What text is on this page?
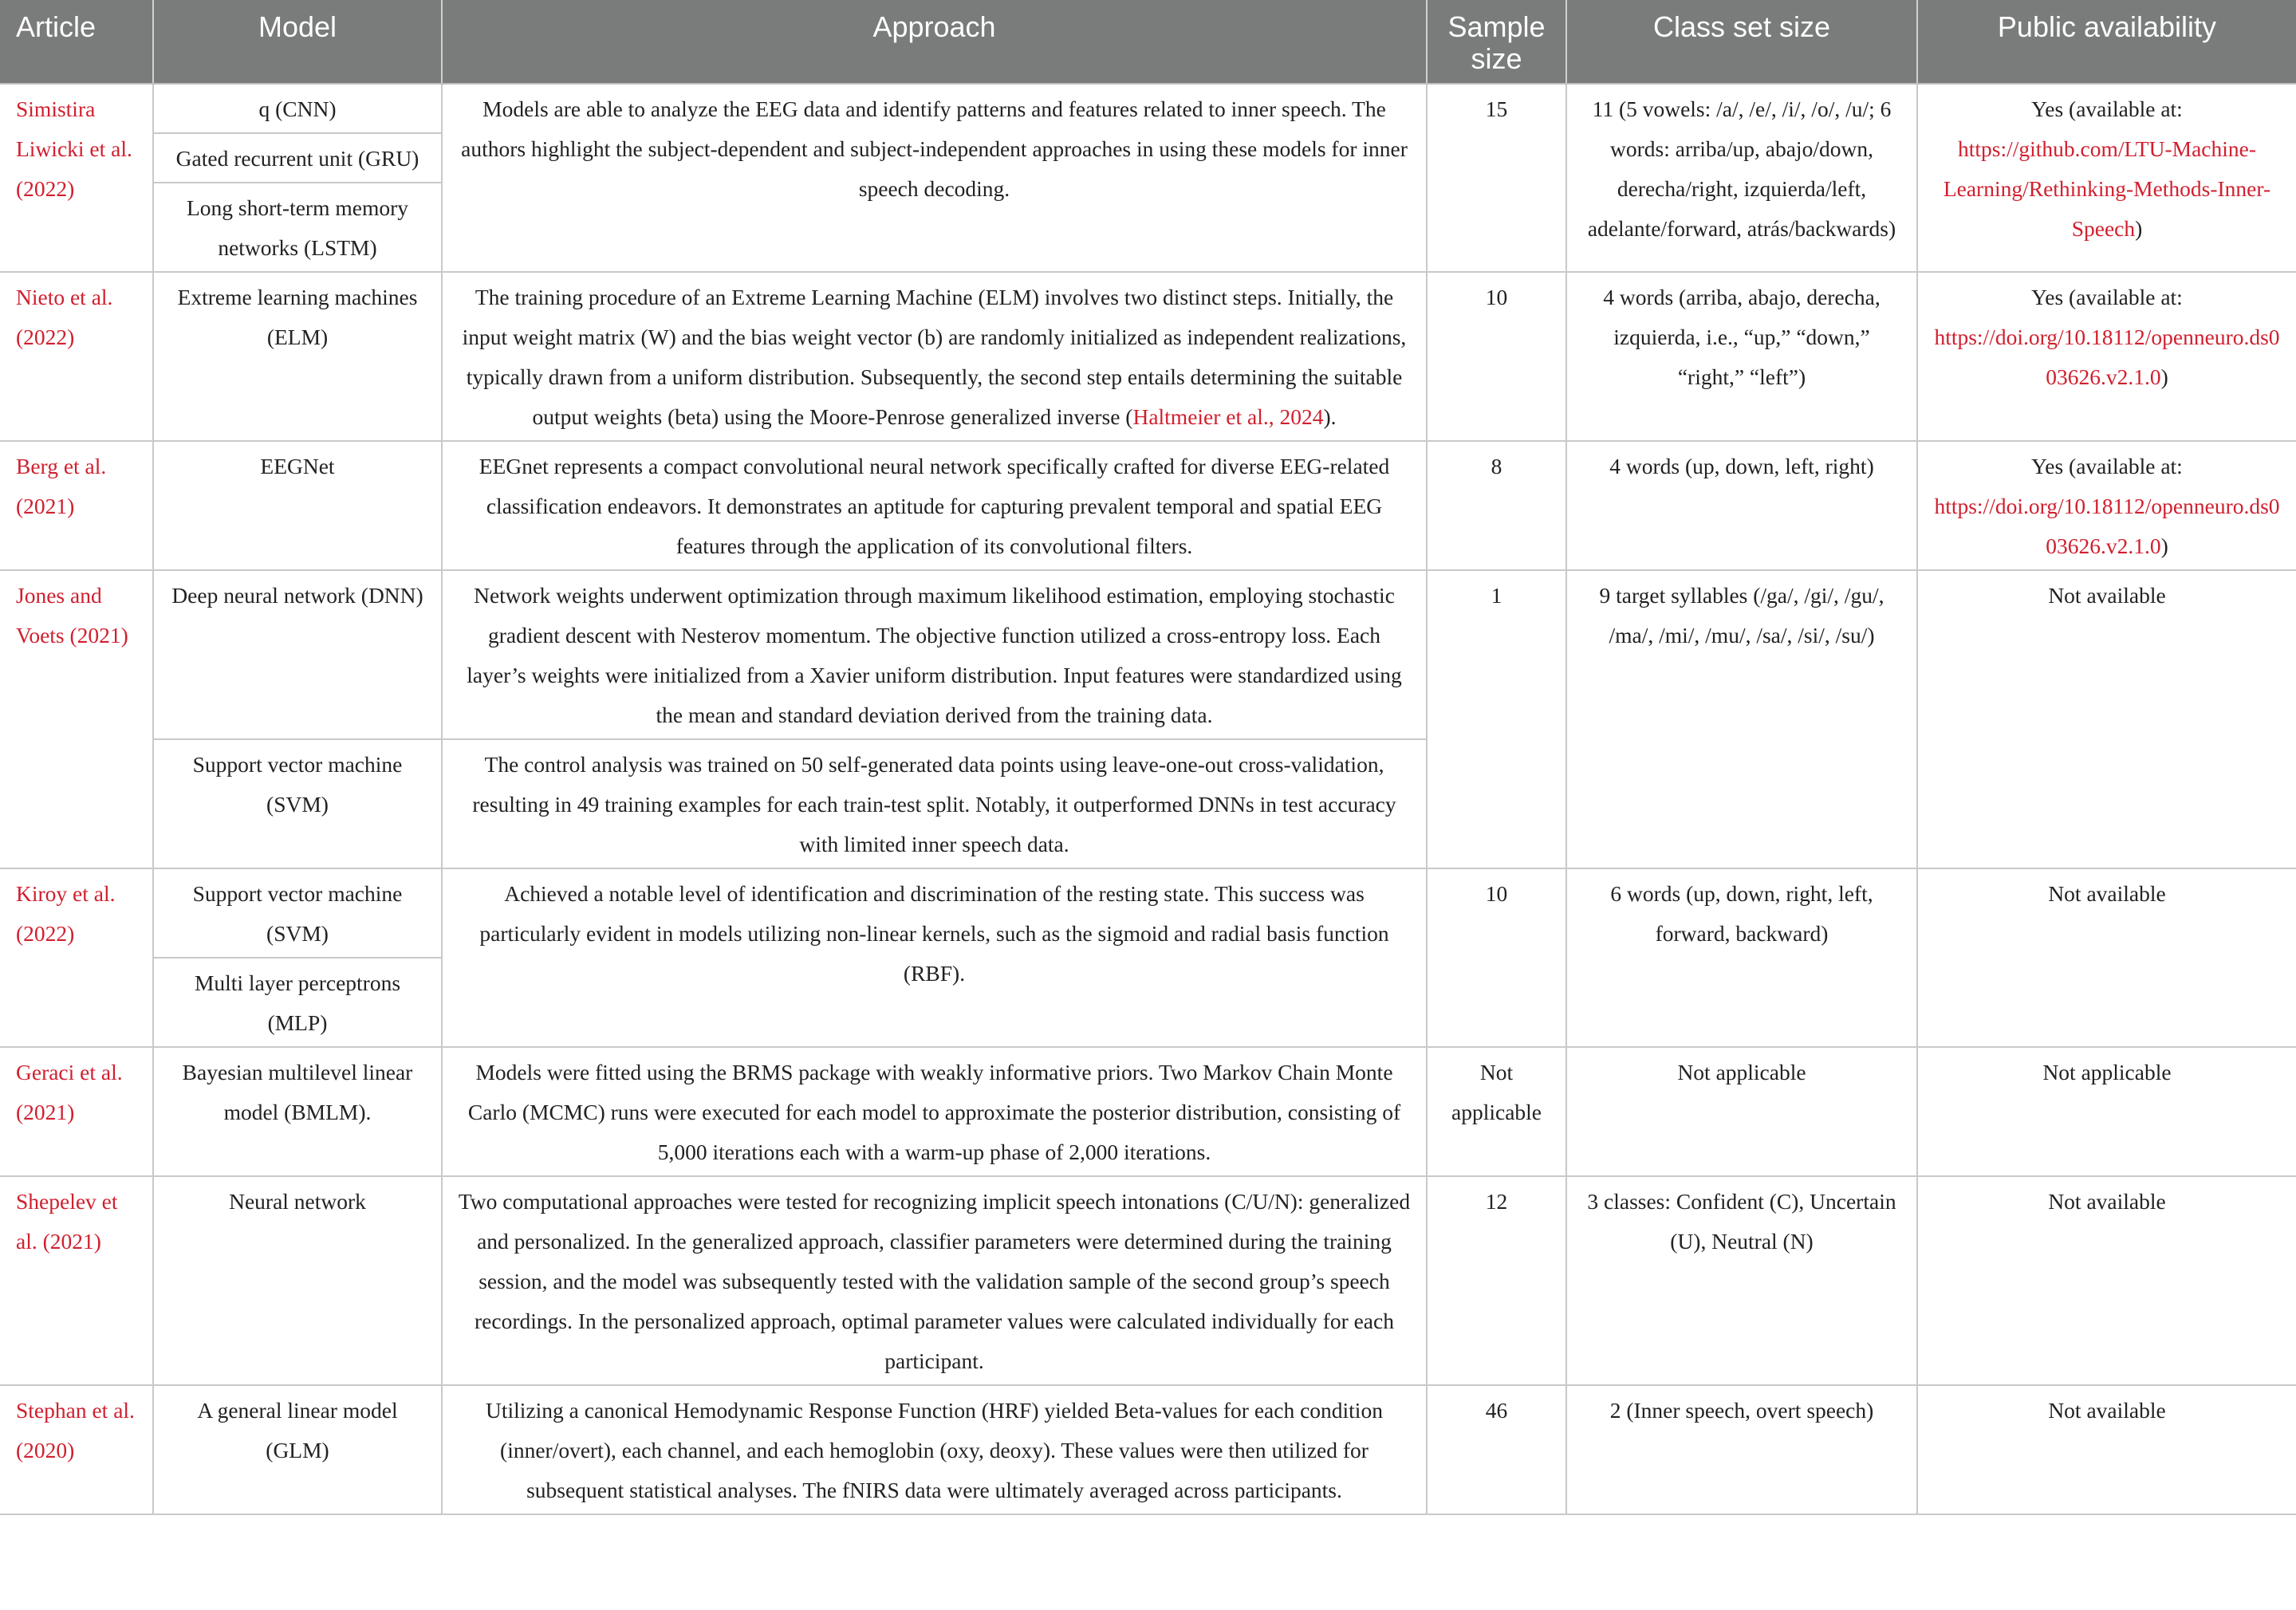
Article	Model	Approach	Sample size	Class set size	Public availability
Simistira Liwicki et al. (2022)	q (CNN)	Models are able to analyze the EEG data and identify patterns and features related to inner speech. The authors highlight the subject-dependent and subject-independent approaches in using these models for inner speech decoding.	15	11 (5 vowels: /a/, /e/, /i/, /o/, /u/; 6 words: arriba/up, abajo/down, derecha/right, izquierda/left, adelante/forward, atrás/backwards)	Yes (available at: https://github.com/LTU-Machine-Learning/Rethinking-Methods-Inner-Speech)
	Gated recurrent unit (GRU)				
	Long short-term memory networks (LSTM)				
Nieto et al. (2022)	Extreme learning machines (ELM)	The training procedure of an Extreme Learning Machine (ELM) involves two distinct steps. Initially, the input weight matrix (W) and the bias weight vector (b) are randomly initialized as independent realizations, typically drawn from a uniform distribution. Subsequently, the second step entails determining the suitable output weights (beta) using the Moore-Penrose generalized inverse (Haltmeier et al., 2024).	10	4 words (arriba, abajo, derecha, izquierda, i.e., “up,” “down,” “right,” “left”)	Yes (available at: https://doi.org/10.18112/openneuro.ds003626.v2.1.0)
Berg et al. (2021)	EEGNet	EEGnet represents a compact convolutional neural network specifically crafted for diverse EEG-related classification endeavors. It demonstrates an aptitude for capturing prevalent temporal and spatial EEG features through the application of its convolutional filters.	8	4 words (up, down, left, right)	Yes (available at: https://doi.org/10.18112/openneuro.ds003626.v2.1.0)
Jones and Voets (2021)	Deep neural network (DNN)	Network weights underwent optimization through maximum likelihood estimation, employing stochastic gradient descent with Nesterov momentum. The objective function utilized a cross-entropy loss. Each layer’s weights were initialized from a Xavier uniform distribution. Input features were standardized using the mean and standard deviation derived from the training data.	1	9 target syllables (/ga/, /gi/, /gu/, /ma/, /mi/, /mu/, /sa/, /si/, /su/)	Not available
	Support vector machine (SVM)	The control analysis was trained on 50 self-generated data points using leave-one-out cross-validation, resulting in 49 training examples for each train-test split. Notably, it outperformed DNNs in test accuracy with limited inner speech data.			
Kiroy et al. (2022)	Support vector machine (SVM)	Achieved a notable level of identification and discrimination of the resting state. This success was particularly evident in models utilizing non-linear kernels, such as the sigmoid and radial basis function (RBF).	10	6 words (up, down, right, left, forward, backward)	Not available
	Multi layer perceptrons (MLP)				
Geraci et al. (2021)	Bayesian multilevel linear model (BMLM).	Models were fitted using the BRMS package with weakly informative priors. Two Markov Chain Monte Carlo (MCMC) runs were executed for each model to approximate the posterior distribution, consisting of 5,000 iterations each with a warm-up phase of 2,000 iterations.	Not applicable	Not applicable	Not applicable
Shepelev et al. (2021)	Neural network	Two computational approaches were tested for recognizing implicit speech intonations (C/U/N): generalized and personalized. In the generalized approach, classifier parameters were determined during the training session, and the model was subsequently tested with the validation sample of the second group’s speech recordings. In the personalized approach, optimal parameter values were calculated individually for each participant.	12	3 classes: Confident (C), Uncertain (U), Neutral (N)	Not available
Stephan et al. (2020)	A general linear model (GLM)	Utilizing a canonical Hemodynamic Response Function (HRF) yielded Beta-values for each condition (inner/overt), each channel, and each hemoglobin (oxy, deoxy). These values were then utilized for subsequent statistical analyses. The fNIRS data were ultimately averaged across participants.	46	2 (Inner speech, overt speech)	Not available
